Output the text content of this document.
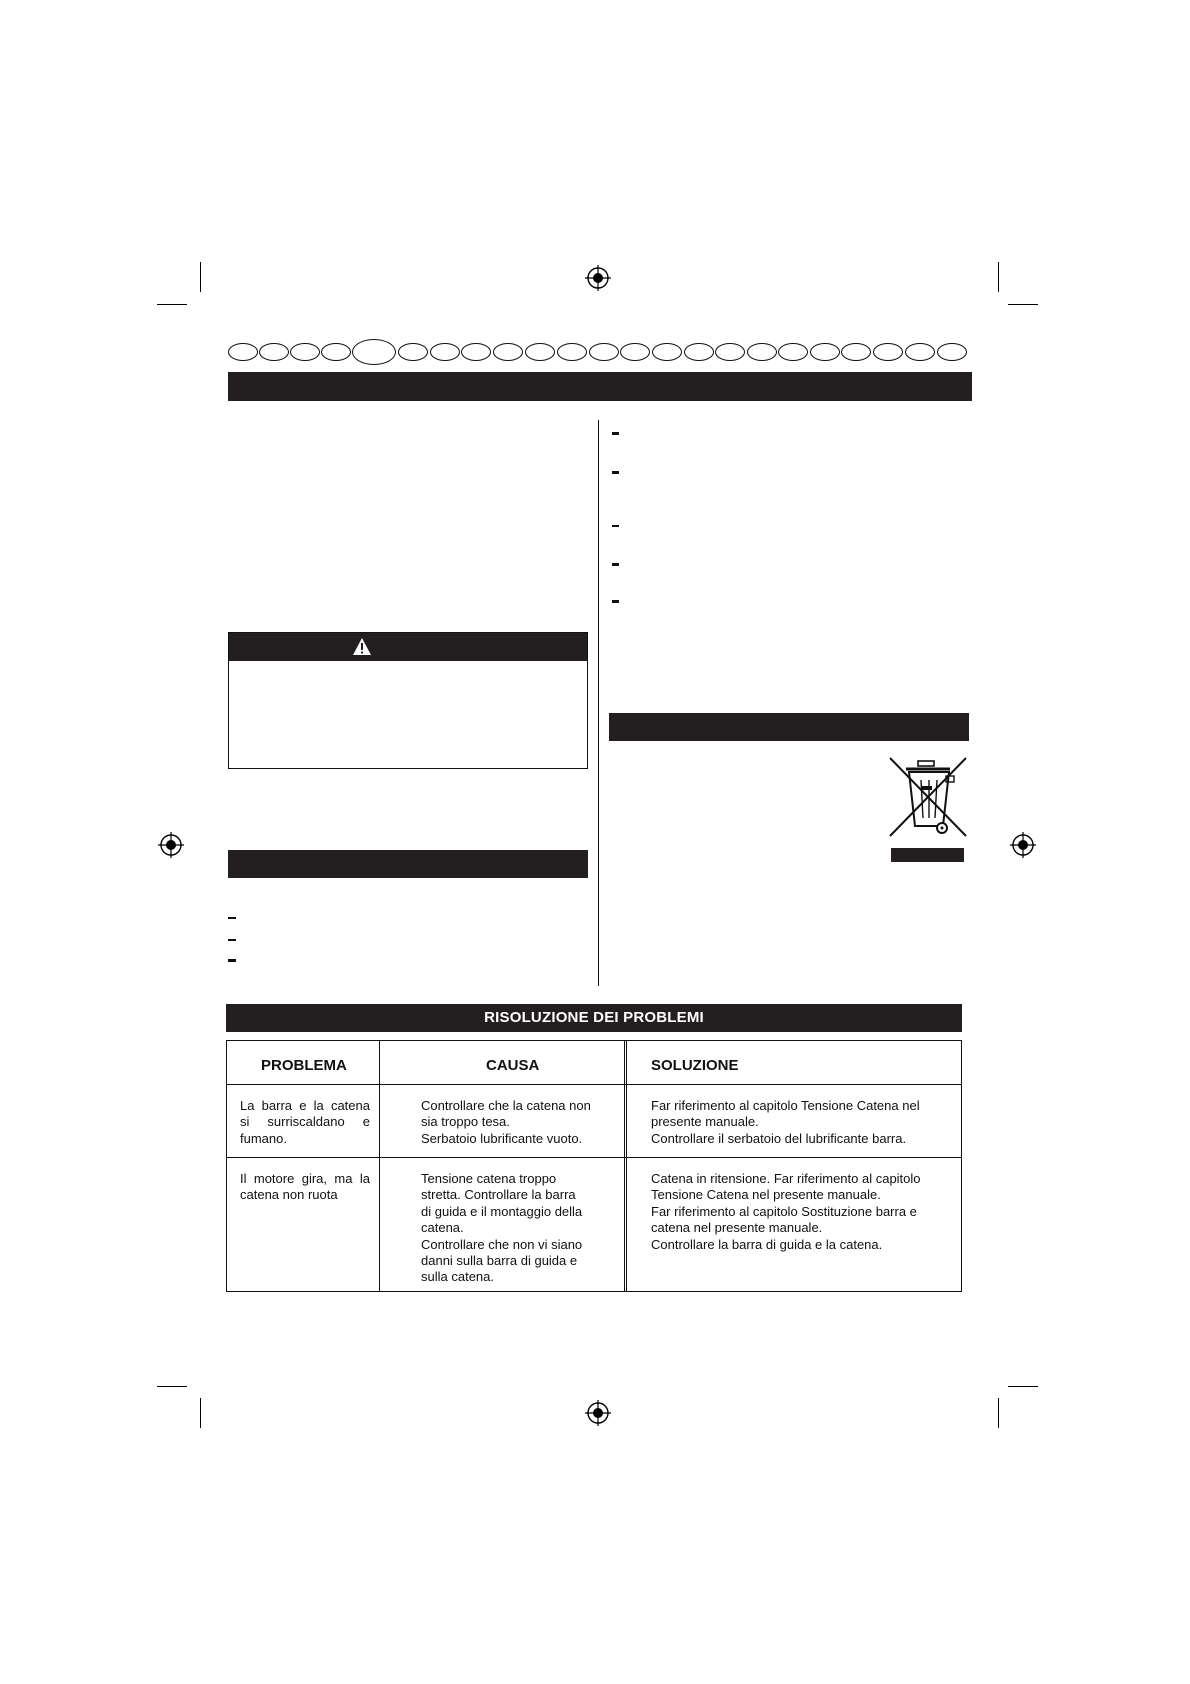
RISOLUZIONE DEI PROBLEMI
PROBLEMA	CAUSA	SOLUZIONE
La barra e la catena
si surriscaldano e
fumano.
Controllare che la catena non
sia troppo tesa.
Serbatoio lubrificante vuoto.
Far riferimento al capitolo Tensione Catena nel
presente manuale.
Controllare il serbatoio del lubrificante barra.
Il motore gira, ma la
catena non ruota
Tensione catena troppo
stretta. Controllare la barra
di guida e il montaggio della
catena.
Controllare che non vi siano
danni sulla barra di guida e
sulla catena.
Catena in ritensione. Far riferimento al capitolo
Tensione Catena nel presente manuale.
Far riferimento al capitolo Sostituzione barra e
catena nel presente manuale.
Controllare la barra di guida e la catena.
